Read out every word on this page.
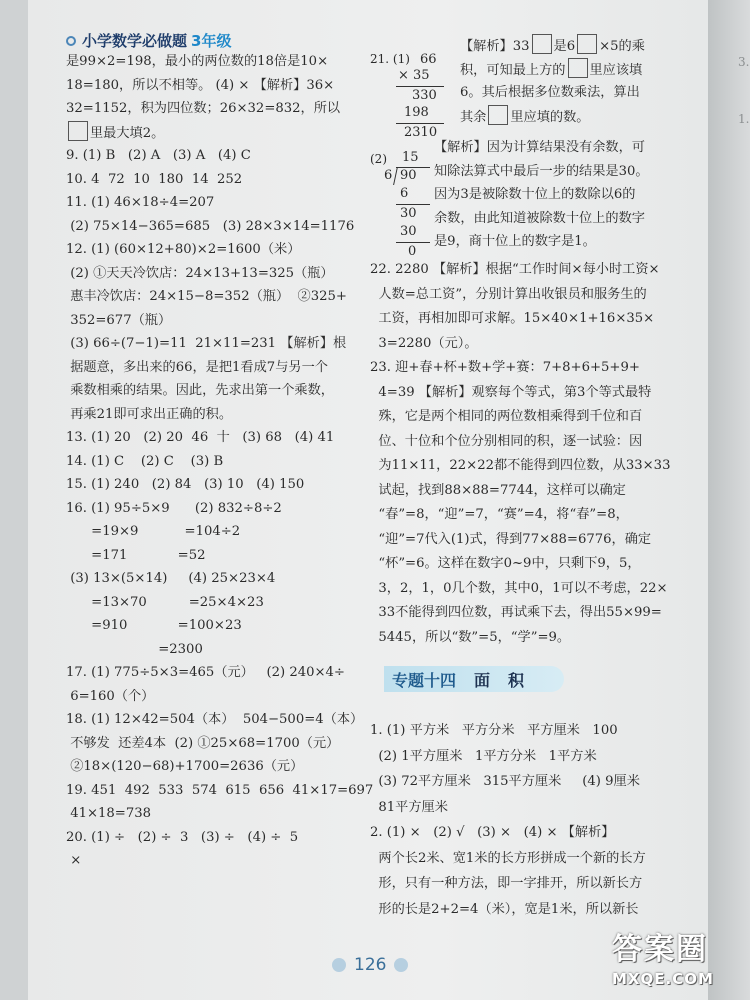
3.
1.
小学数学必做题 3年级
是99×2=198，最小的两位数的18倍是10×
18=180，所以不相等。 (4) × 【解析】36×
32=1152，积为四位数；26×32=832，所以
里最大填2。
9. (1) B   (2) A   (3) A   (4) C
10. 4  72  10  180  14  252
11. (1) 46×18÷4=207
(2) 75×14−365=685   (3) 28×3×14=1176
12. (1) (60×12+80)×2=1600（米）
(2) ①天天冷饮店：24×13+13=325（瓶）
惠丰冷饮店：24×15−8=352（瓶）  ②325+
352=677（瓶）
(3) 66÷(7−1)=11  21×11=231 【解析】根
据题意，多出来的66，是把1看成7与另一个
乘数相乘的结果。因此，先求出第一个乘数，
再乘21即可求出正确的积。
13. (1) 20   (2) 20  46  十   (3) 68   (4) 41
14. (1) C    (2) C    (3) B
15. (1) 240   (2) 84   (3) 10   (4) 150
16. (1) 95÷5×9      (2) 832÷8÷2
=19×9           =104÷2
=171            =52
(3) 13×(5×14)     (4) 25×23×4
=13×70          =25×4×23
=910            =100×23
=2300
17. (1) 775÷5×3=465（元）   (2) 240×4÷
6=160（个）
18. (1) 12×42=504（本）  504−500=4（本）
不够发  还差4本  (2) ①25×68=1700（元）
②18×(120−68)+1700=2636（元）
19. 451  492  533  574  615  656  41×17=697
41×18=738
20. (1) ÷   (2) ÷  3   (3) ÷   (4) ÷  5
×
21. (1) 66
× 35
330
198
2310
【解析】33 是6 ×5的乘
积，可知最上方的 里应该填
6。其后根据多位数乘法，算出
其余 里应填的数。
(2) 15
6 90
6
30
30
0
【解析】因为计算结果没有余数，可
知除法算式中最后一步的结果是30。
因为3是被除数十位上的数除以6的
余数，由此知道被除数十位上的数字
是9，商十位上的数字是1。
22. 2280 【解析】根据“工作时间×每小时工资×
人数=总工资”，分别计算出收银员和服务生的
工资，再相加即可求解。15×40×1+16×35×
3=2280（元）。
23. 迎+春+杯+数+学+赛：7+8+6+5+9+
4=39 【解析】观察每个等式，第3个等式最特
殊，它是两个相同的两位数相乘得到千位和百
位、十位和个位分别相同的积，逐一试验：因
为11×11，22×22都不能得到四位数，从33×33
试起，找到88×88=7744，这样可以确定
“春”=8，“迎”=7，“赛”=4，将“春”=8，
“迎”=7代入(1)式，得到77×88=6776，确定
“杯”=6。这样在数字0~9中，只剩下9，5，
3，2，1，0几个数，其中0，1可以不考虑，22×
33不能得到四位数，再试乘下去，得出55×99=
5445，所以“数”=5，“学”=9。
专题十四 面积
1. (1) 平方米   平方分米   平方厘米   100
(2) 1平方厘米   1平方分米   1平方米
(3) 72平方厘米   315平方厘米     (4) 9厘米
81平方厘米
2. (1) ×   (2) √   (3) ×   (4) × 【解析】
两个长2米、宽1米的长方形拼成一个新的长方
形，只有一种方法，即一字排开，所以新长方
形的长是2+2=4（米），宽是1米，所以新长
126	答案圈
MXQE.COM
